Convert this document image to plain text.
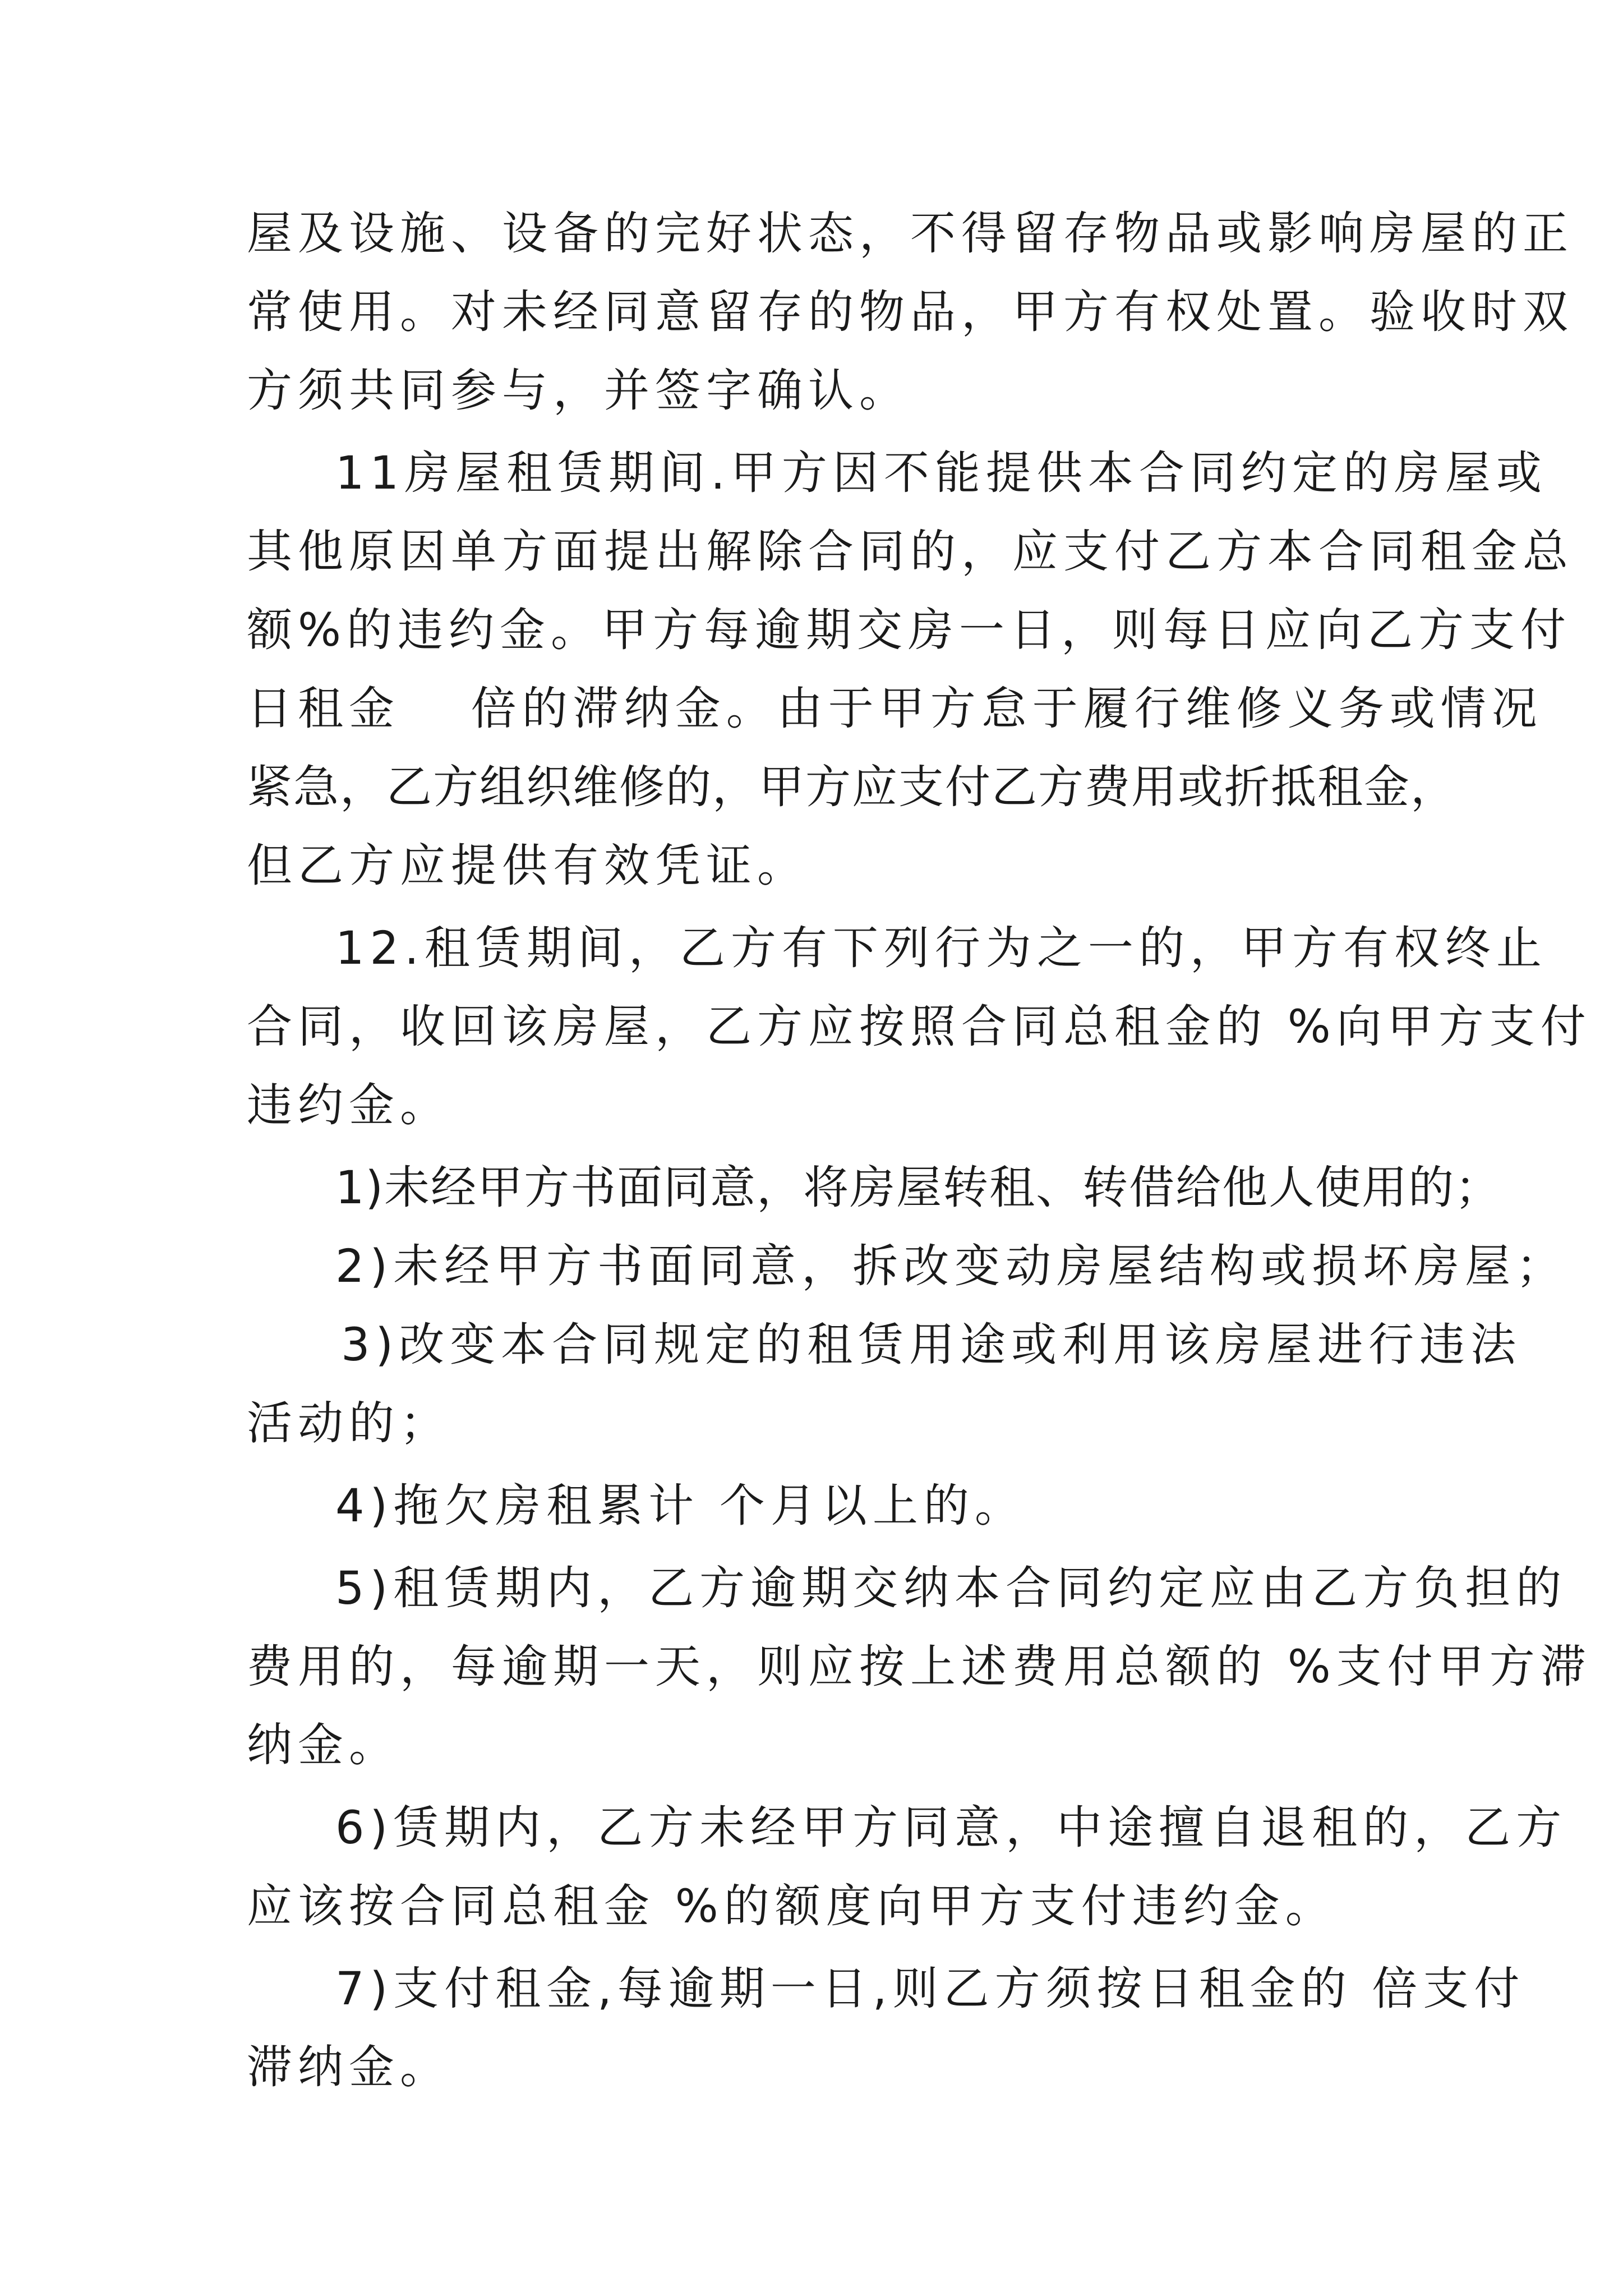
屋及设施、设备的完好状态，不得留存物品或影响房屋的正
常使用。对未经同意留存的物品，甲方有权处置。验收时双
方须共同参与，并签字确认。
11房屋租赁期间.甲方因不能提供本合同约定的房屋或
其他原因单方面提出解除合同的，应支付乙方本合同租金总
额%的违约金。甲方每逾期交房一日，则每日应向乙方支付
日租金　 倍的滞纳金。由于甲方怠于履行维修义务或情况
紧急，乙方组织维修的，甲方应支付乙方费用或折抵租金，
但乙方应提供有效凭证。
12.租赁期间，乙方有下列行为之一的，甲方有权终止
合同，收回该房屋，乙方应按照合同总租金的 %向甲方支付
违约金。
1)未经甲方书面同意，将房屋转租、转借给他人使用的；
2)未经甲方书面同意，拆改变动房屋结构或损坏房屋；
3)改变本合同规定的租赁用途或利用该房屋进行违法
活动的；
4)拖欠房租累计 个月以上的。
5)租赁期内，乙方逾期交纳本合同约定应由乙方负担的
费用的，每逾期一天，则应按上述费用总额的 %支付甲方滞
纳金。
6)赁期内，乙方未经甲方同意，中途擅自退租的，乙方
应该按合同总租金 %的额度向甲方支付违约金。
7)支付租金,每逾期一日,则乙方须按日租金的 倍支付
滞纳金。
